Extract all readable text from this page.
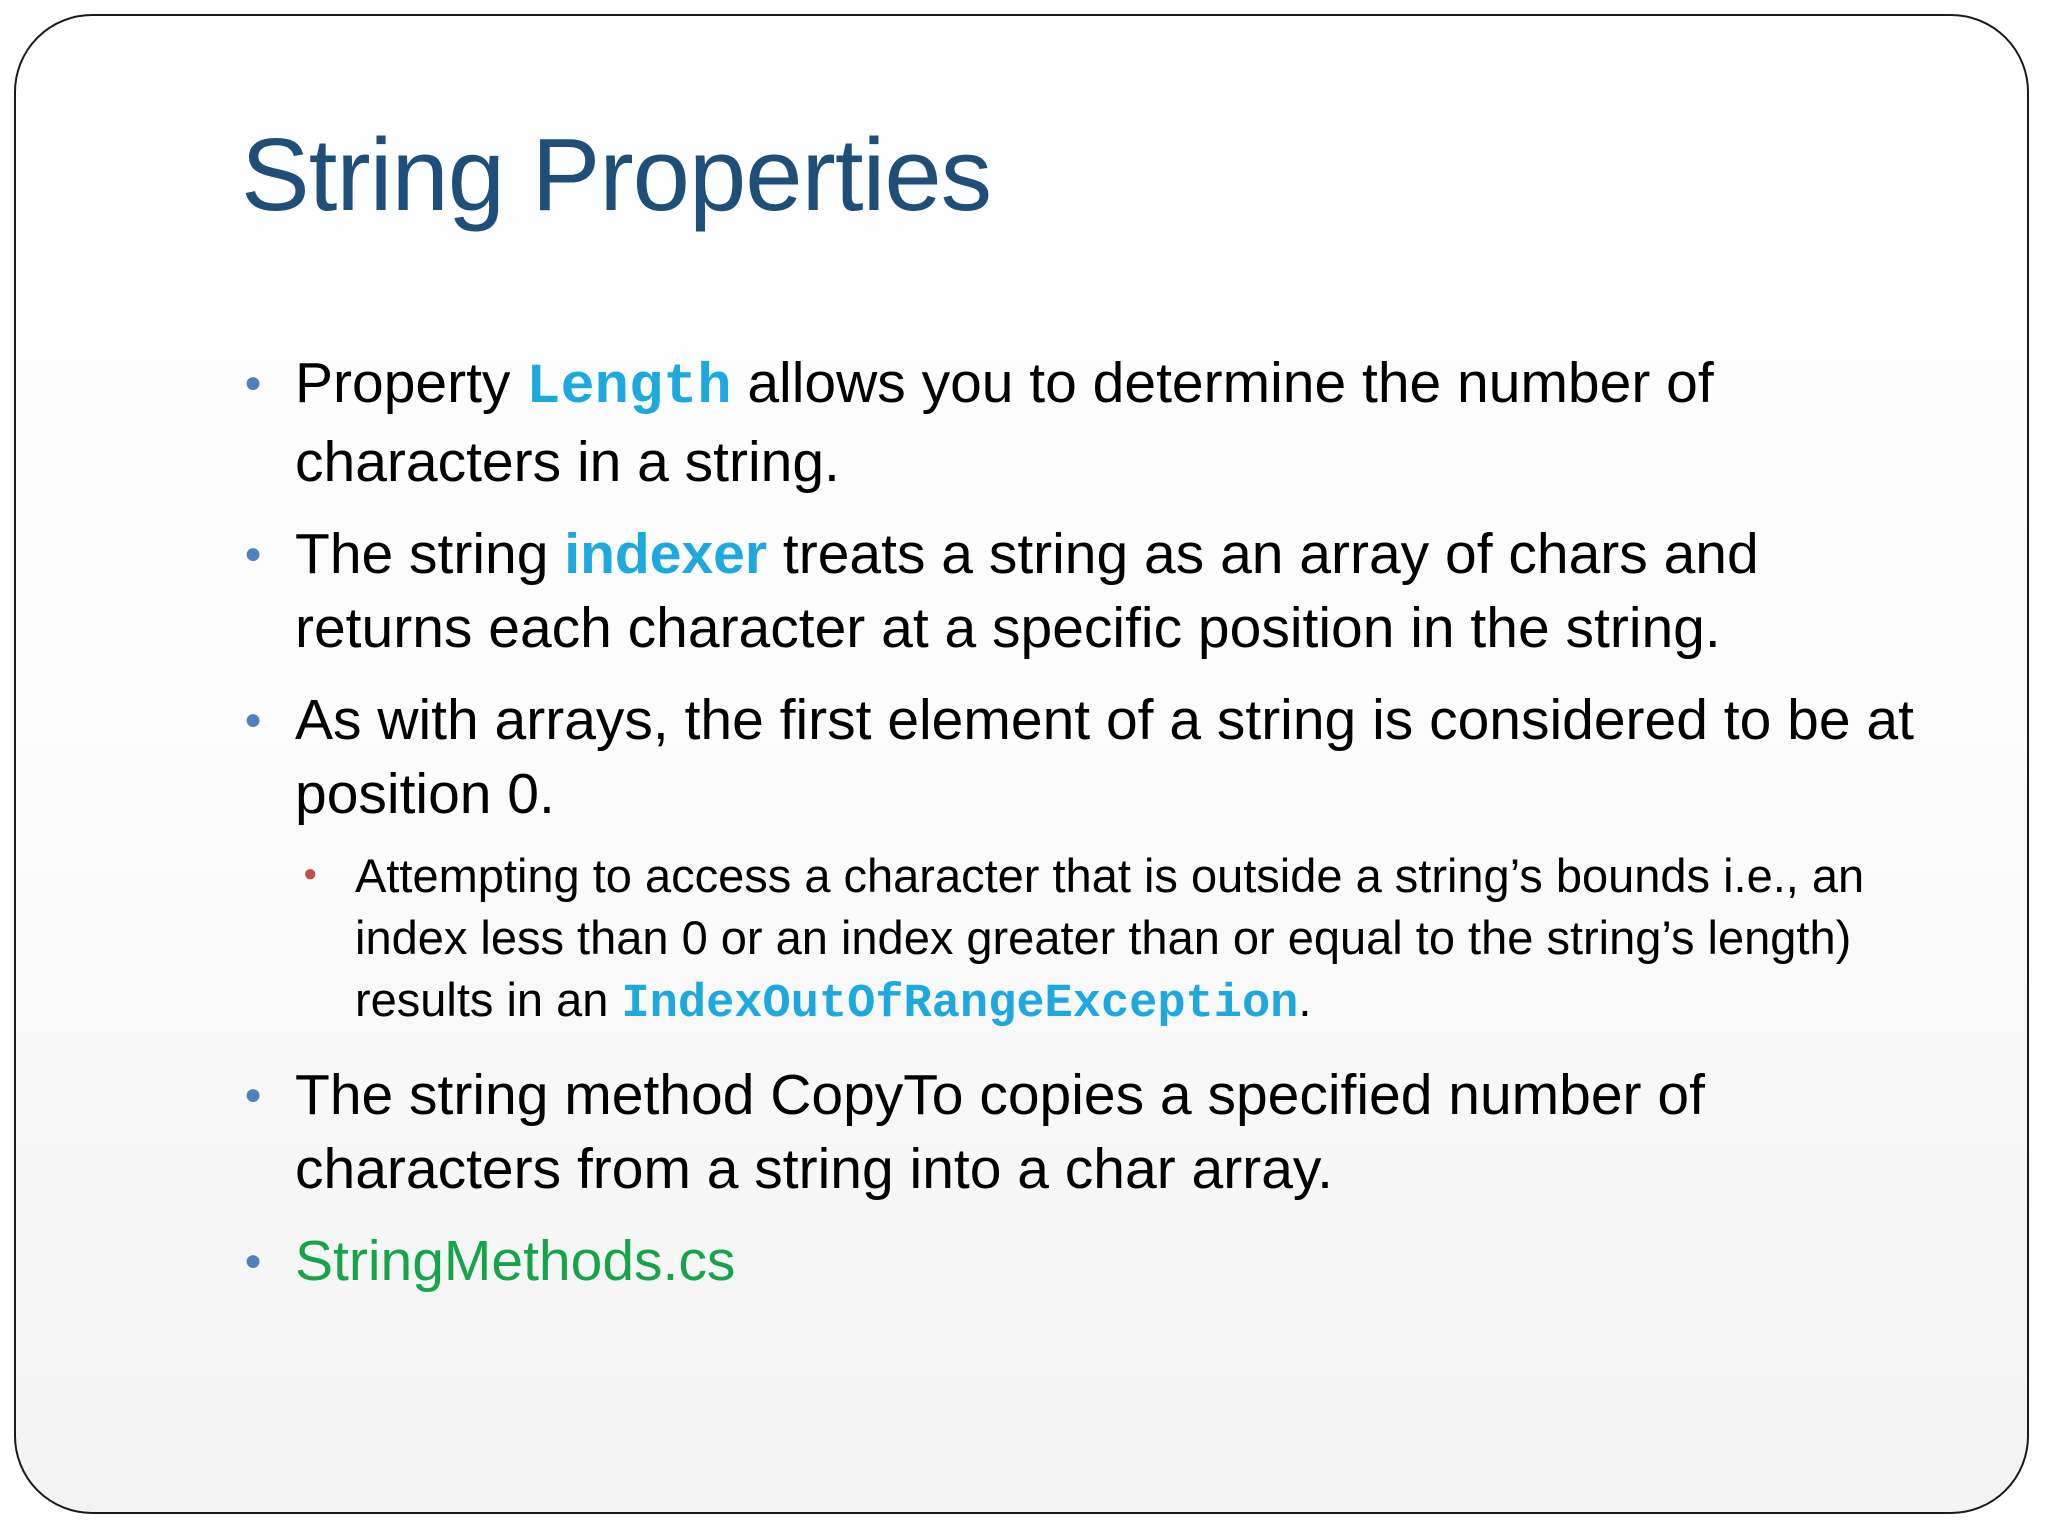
String Properties
● Property Length allows you to determine the number of characters in a string.
● The string indexer treats a string as an array of chars and returns each character at a specific position in the string.
● As with arrays, the first element of a string is considered to be at position 0.
● Attempting to access a character that is outside a string’s bounds i.e., an index less than 0 or an index greater than or equal to the string’s length) results in an IndexOutOfRangeException.
● The string method CopyTo copies a specified number of characters from a string into a char array.
● StringMethods.cs
